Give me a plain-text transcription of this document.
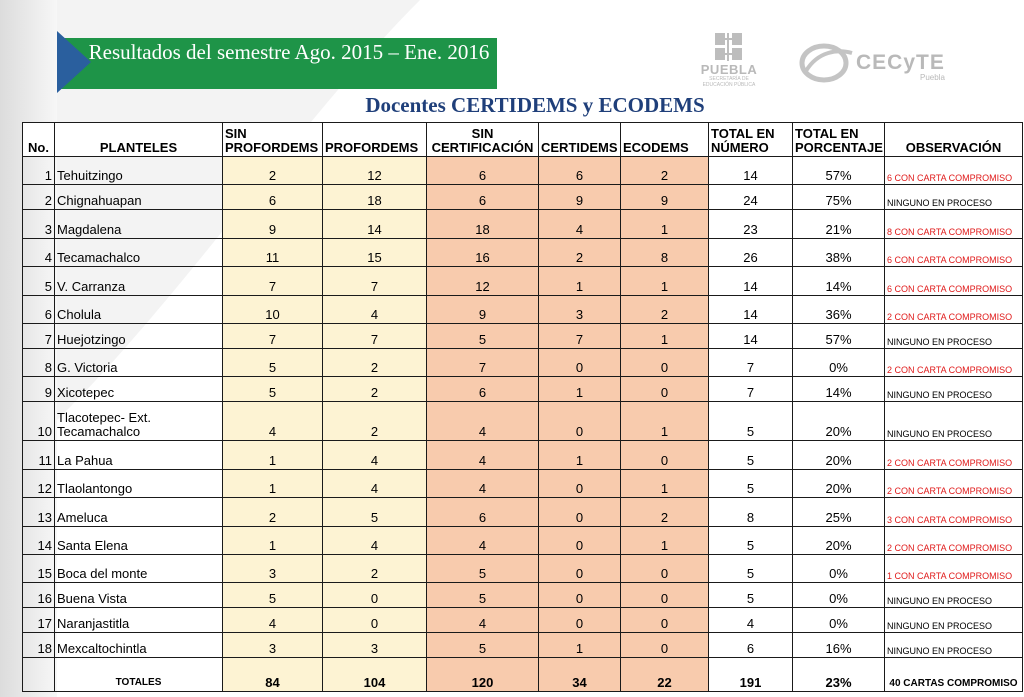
Resultados del semestre Ago. 2015 – Ene. 2016
PUEBLA
SECRETARÍA DE
EDUCACIÓN PÚBLICA
CECyTE
Puebla
Docentes CERTIDEMS y ECODEMS
No.	PLANTELES	SIN PROFORDEMS	PROFORDEMS	SIN CERTIFICACIÓN	CERTIDEMS	ECODEMS	TOTAL EN NÚMERO	TOTAL EN PORCENTAJE	OBSERVACIÓN
1	Tehuitzingo	2	12	6	6	2	14	57%	6 CON CARTA COMPROMISO
2	Chignahuapan	6	18	6	9	9	24	75%	NINGUNO EN PROCESO
3	Magdalena	9	14	18	4	1	23	21%	8 CON CARTA COMPROMISO
4	Tecamachalco	11	15	16	2	8	26	38%	6 CON CARTA COMPROMISO
5	V. Carranza	7	7	12	1	1	14	14%	6 CON CARTA COMPROMISO
6	Cholula	10	4	9	3	2	14	36%	2 CON CARTA COMPROMISO
7	Huejotzingo	7	7	5	7	1	14	57%	NINGUNO EN PROCESO
8	G. Victoria	5	2	7	0	0	7	0%	2 CON CARTA COMPROMISO
9	Xicotepec	5	2	6	1	0	7	14%	NINGUNO EN PROCESO
10	Tlacotepec- Ext. Tecamachalco	4	2	4	0	1	5	20%	NINGUNO EN PROCESO
11	La Pahua	1	4	4	1	0	5	20%	2 CON CARTA COMPROMISO
12	Tlaolantongo	1	4	4	0	1	5	20%	2 CON CARTA COMPROMISO
13	Ameluca	2	5	6	0	2	8	25%	3 CON CARTA COMPROMISO
14	Santa Elena	1	4	4	0	1	5	20%	2 CON CARTA COMPROMISO
15	Boca del monte	3	2	5	0	0	5	0%	1 CON CARTA COMPROMISO
16	Buena Vista	5	0	5	0	0	5	0%	NINGUNO EN PROCESO
17	Naranjastitla	4	0	4	0	0	4	0%	NINGUNO EN PROCESO
18	Mexcaltochintla	3	3	5	1	0	6	16%	NINGUNO EN PROCESO
	TOTALES	84	104	120	34	22	191	23%	40 CARTAS COMPROMISO
